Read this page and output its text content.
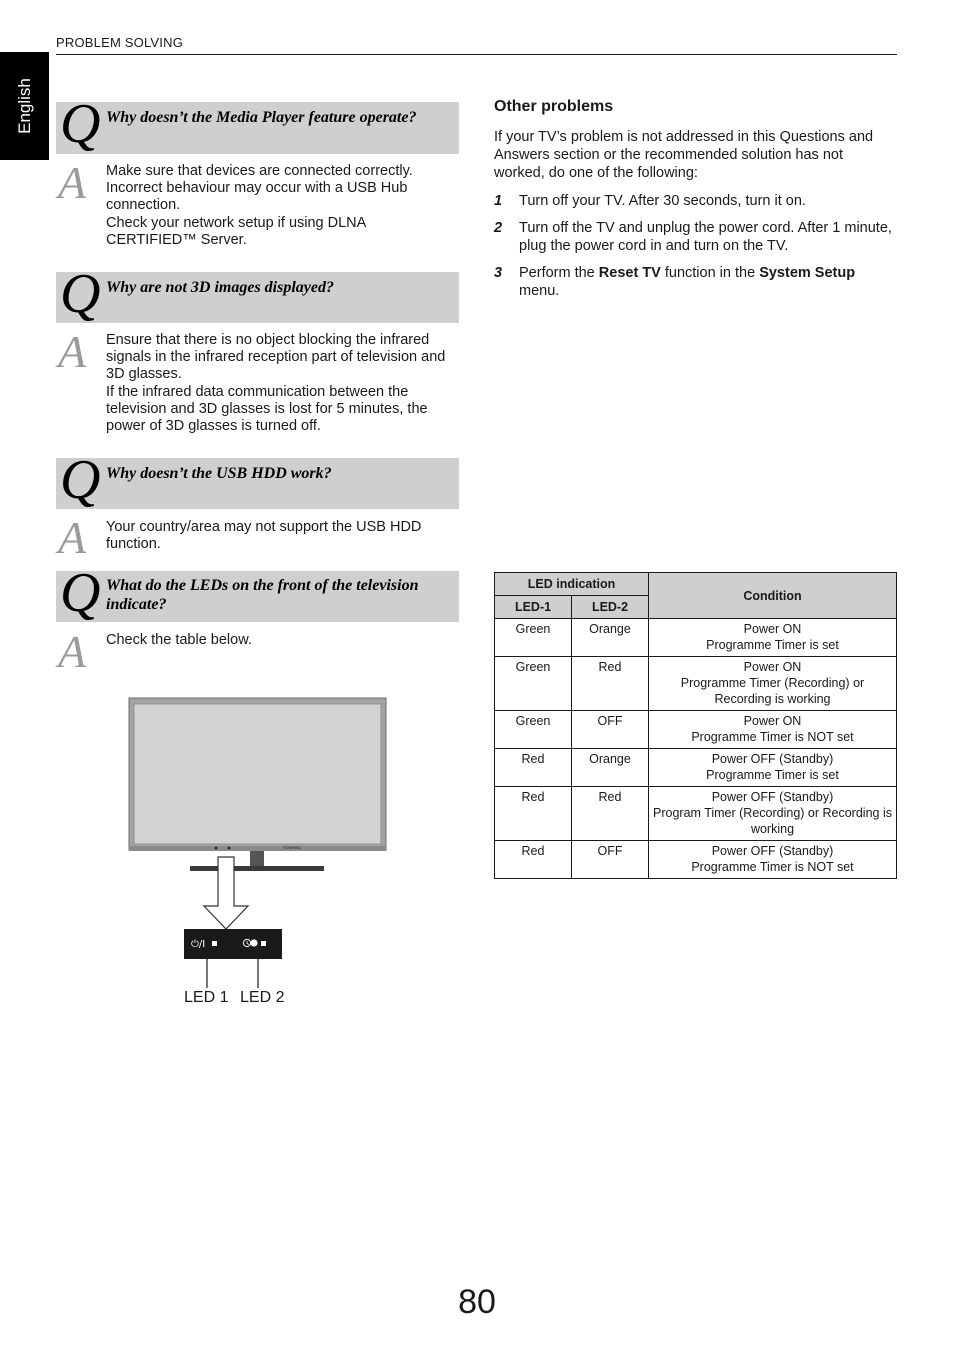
English
PROBLEM SOLVING
Q Why doesn’t the Media Player feature operate?
A Make sure that devices are connected correctly.
Incorrect behaviour may occur with a USB Hub connection.
Check your network setup if using DLNA CERTIFIED™ Server.
Q Why are not 3D images displayed?
A Ensure that there is no object blocking the infrared signals in the infrared reception part of television and 3D glasses.
If the infrared data communication between the television and 3D glasses is lost for 5 minutes, the power of 3D glasses is turned off.
Q Why doesn’t the USB HDD work?
A Your country/area may not support the USB HDD function.
Q What do the LEDs on the front of the television indicate?
A Check the table below.
Other problems
If your TV’s problem is not addressed in this Questions and Answers section or the recommended solution has not worked, do one of the following:
1 Turn off your TV. After 30 seconds, turn it on.
2 Turn off the TV and unplug the power cord. After 1 minute, plug the power cord in and turn on the TV.
3 Perform the Reset TV function in the System Setup menu.
LED indication		Condition
LED-1	LED-2	
Green	Orange	Power ON
Programme Timer is set

Green	Red	Power ON
Programme Timer (Recording) or Recording is working

Green	OFF	Power ON
Programme Timer is NOT set

Red	Orange	Power OFF (Standby)
Programme Timer is set

Red	Red	Power OFF (Standby)
Program Timer (Recording) or Recording is working

Red	OFF	Power OFF (Standby)
Programme Timer is NOT set
TOSHIBA
⏻/I
LED 1 LED 2
80
